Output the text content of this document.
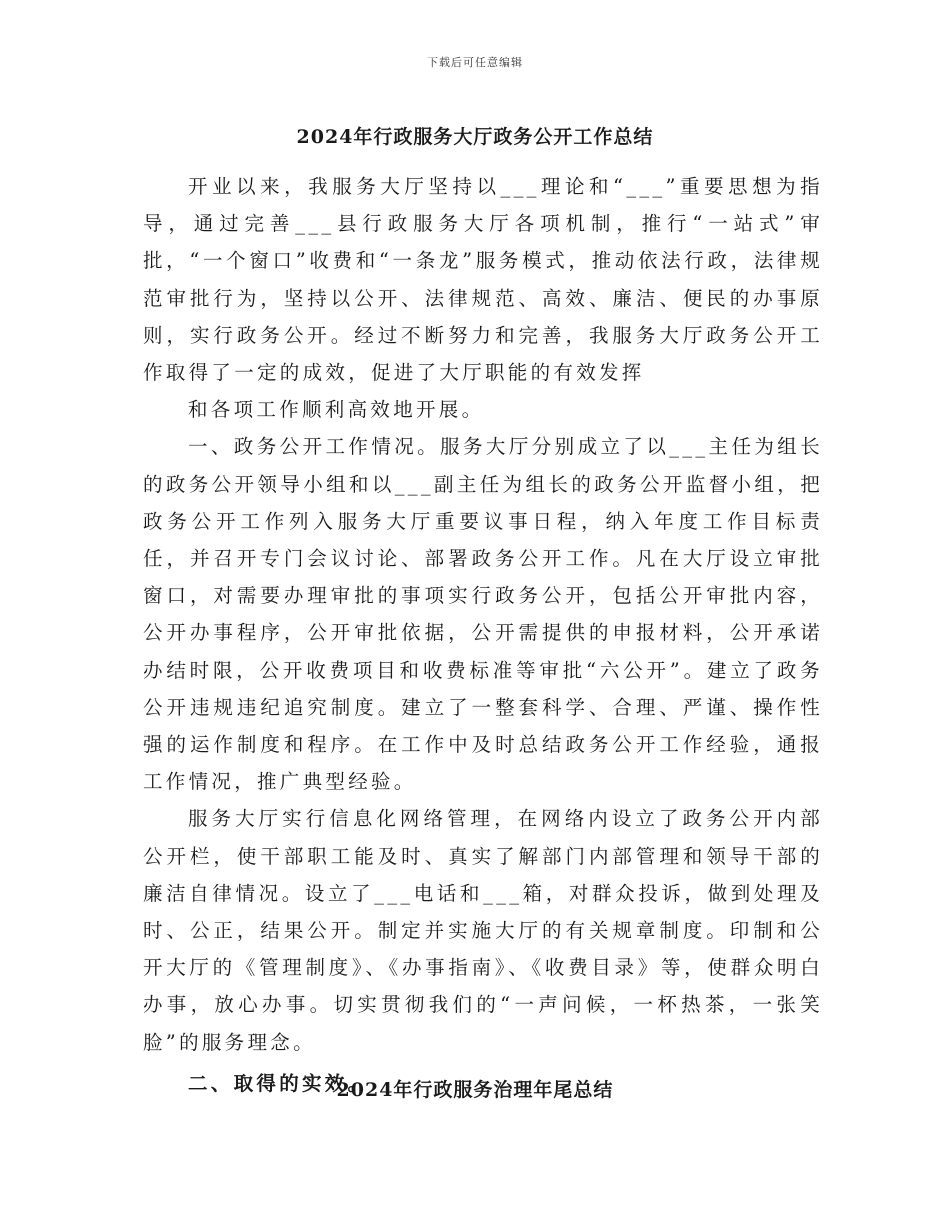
下载后可任意编辑
2024年行政服务大厅政务公开工作总结

开业以来，我服务大厅坚持以___理论和“___”重要思想为指导，通过完善___县行政服务大厅各项机制，推行“一站式”审批，“一个窗口”收费和“一条龙”服务模式，推动依法行政，法律规范审批行为，坚持以公开、法律规范、高效、廉洁、便民的办事原则，实行政务公开。经过不断努力和完善，我服务大厅政务公开工作取得了一定的成效，促进了大厅职能的有效发挥

和各项工作顺利高效地开展。

一、政务公开工作情况。服务大厅分别成立了以___主任为组长的政务公开领导小组和以___副主任为组长的政务公开监督小组，把政务公开工作列入服务大厅重要议事日程，纳入年度工作目标责任，并召开专门会议讨论、部署政务公开工作。凡在大厅设立审批窗口，对需要办理审批的事项实行政务公开，包括公开审批内容，公开办事程序，公开审批依据，公开需提供的申报材料，公开承诺办结时限，公开收费项目和收费标准等审批“六公开”。建立了政务公开违规违纪追究制度。建立了一整套科学、合理、严谨、操作性强的运作制度和程序。在工作中及时总结政务公开工作经验，通报工作情况，推广典型经验。

服务大厅实行信息化网络管理，在网络内设立了政务公开内部公开栏，使干部职工能及时、真实了解部门内部管理和领导干部的廉洁自律情况。设立了___电话和___箱，对群众投诉，做到处理及时、公正，结果公开。制定并实施大厅的有关规章制度。印制和公开大厅的《管理制度》、《办事指南》、《收费目录》等，使群众明白办事，放心办事。切实贯彻我们的“一声问候，一杯热茶，一张笑脸”的服务理念。

二、取得的实效。

2024年行政服务治理年尾总结
